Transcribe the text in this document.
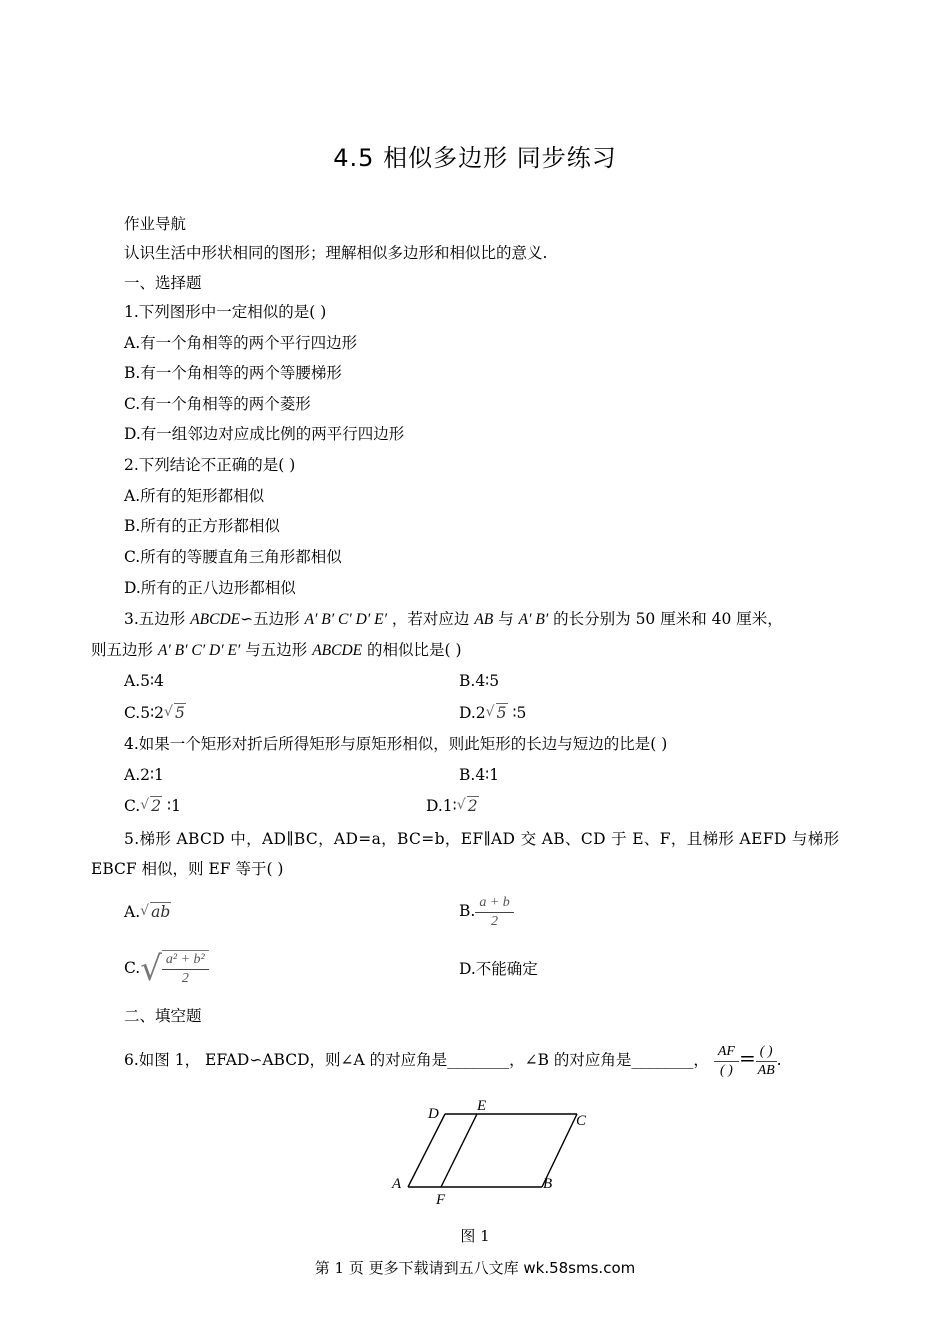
4.5 相似多边形 同步练习
作业导航
认识生活中形状相同的图形；理解相似多边形和相似比的意义.
一、选择题
1.下列图形中一定相似的是( )
A.有一个角相等的两个平行四边形
B.有一个角相等的两个等腰梯形
C.有一个角相等的两个菱形
D.有一组邻边对应成比例的两平行四边形
2.下列结论不正确的是( )
A.所有的矩形都相似
B.所有的正方形都相似
C.所有的等腰直角三角形都相似
D.所有的正八边形都相似
3.五边形 ABCDE∽五边形 A′ B′ C′ D′ E′ ，若对应边 AB 与 A′ B′ 的长分别为 50 厘米和 40 厘米，
则五边形 A′ B′ C′ D′ E′ 与五边形 ABCDE 的相似比是( )
A.5∶4	B.4∶5
C.5∶2 √ 5	D.2 √ 5 ∶5
4.如果一个矩形对折后所得矩形与原矩形相似，则此矩形的长边与短边的比是( )
A.2∶1	B.4∶1
C. √ 2 ∶1	D.1∶ √ 2
5.梯形 ABCD 中，AD∥BC，AD=a，BC=b，EF∥AD 交 AB、CD 于 E、F，且梯形 AEFD 与梯形
EBCF 相似，则 EF 等于( )
A. √ ab	B. $\frac{a + b}{2}$
$C.√ \frac{\text{a² + b²}}{2}$	D.不能确定
二、填空题
6.如图 1， EFAD∽ABCD，则∠A 的对应角是________，∠B 的对应角是________， $\frac{AF}{( )} = \frac{( )}{AB}$ .
D	E
C
A
F
B
图 1
第 1 页 更多下载请到五八文库 wk.58sms.com
